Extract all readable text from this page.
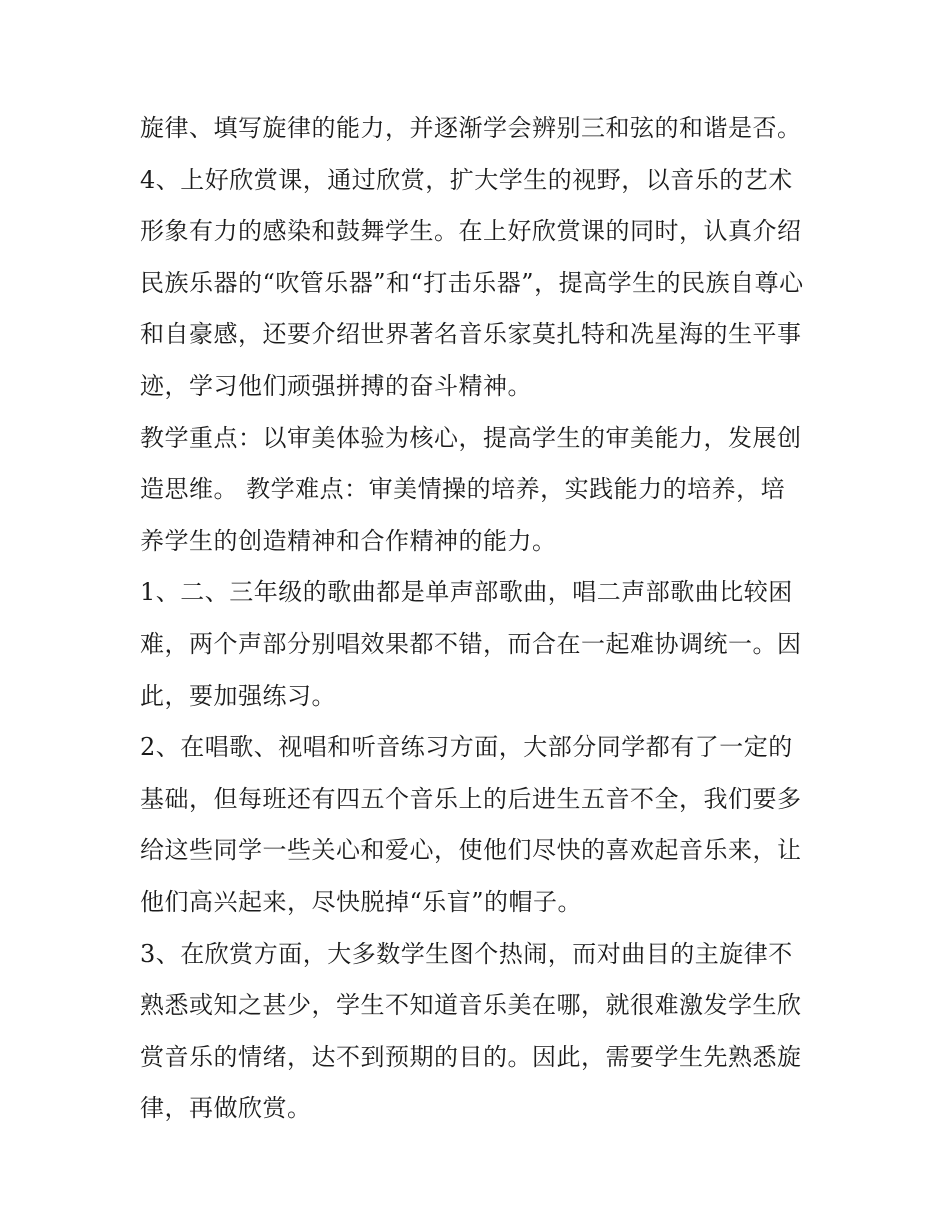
旋律、填写旋律的能力，并逐渐学会辨别三和弦的和谐是否。
4、上好欣赏课，通过欣赏，扩大学生的视野，以音乐的艺术
形象有力的感染和鼓舞学生。在上好欣赏课的同时，认真介绍
民族乐器的“吹管乐器”和“打击乐器”，提高学生的民族自尊心
和自豪感，还要介绍世界著名音乐家莫扎特和冼星海的生平事
迹，学习他们顽强拼搏的奋斗精神。
教学重点：以审美体验为核心，提高学生的审美能力，发展创
造思维。 教学难点：审美情操的培养，实践能力的培养，培
养学生的创造精神和合作精神的能力。
1、二、三年级的歌曲都是单声部歌曲，唱二声部歌曲比较困
难，两个声部分别唱效果都不错，而合在一起难协调统一。因
此，要加强练习。
2、在唱歌、视唱和听音练习方面，大部分同学都有了一定的
基础，但每班还有四五个音乐上的后进生五音不全，我们要多
给这些同学一些关心和爱心，使他们尽快的喜欢起音乐来，让
他们高兴起来，尽快脱掉“乐盲”的帽子。
3、在欣赏方面，大多数学生图个热闹，而对曲目的主旋律不
熟悉或知之甚少，学生不知道音乐美在哪，就很难激发学生欣
赏音乐的情绪，达不到预期的目的。因此，需要学生先熟悉旋
律，再做欣赏。
